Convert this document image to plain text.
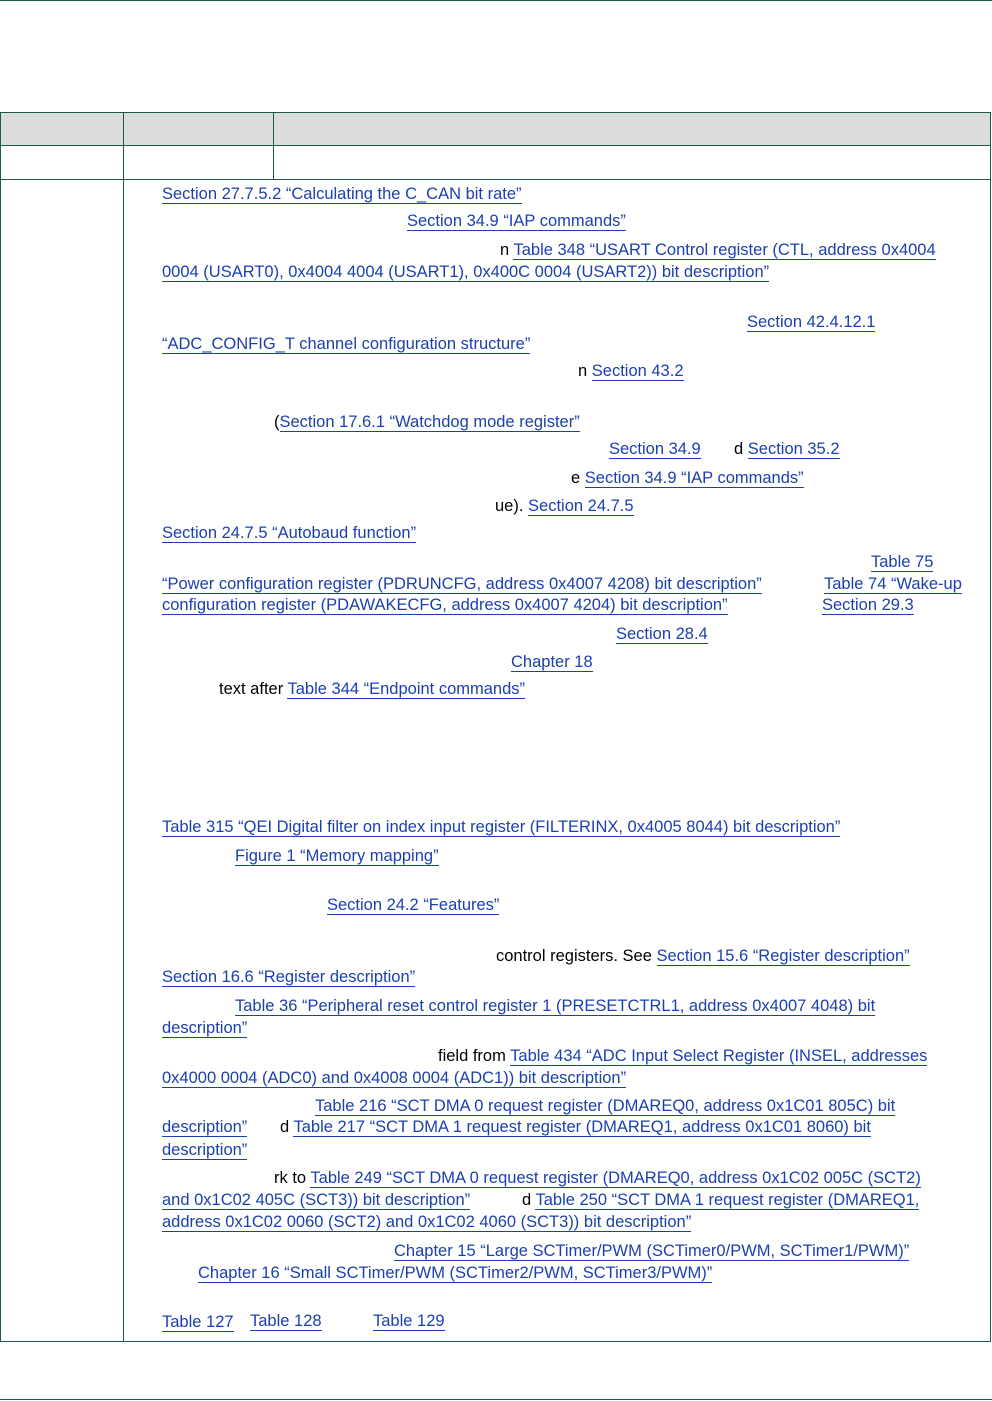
Section 27.7.5.2 “Calculating the C_CAN bit rate”
Section 34.9 “IAP commands”
n Table 348 “USART Control register (CTL, address 0x4004
0004 (USART0), 0x4004 4004 (USART1), 0x400C 0004 (USART2)) bit description”
Section 42.4.12.1
“ADC_CONFIG_T channel configuration structure”
n Section 43.2
(Section 17.6.1 “Watchdog mode register”
Section 34.9 d Section 35.2
e Section 34.9 “IAP commands”
ue). Section 24.7.5
Section 24.7.5 “Autobaud function”
Table 75
“Power configuration register (PDRUNCFG, address 0x4007 4208) bit description”	Table 74 “Wake-up
configuration register (PDAWAKECFG, address 0x4007 4204) bit description”	Section 29.3
Section 28.4
Chapter 18
text after Table 344 “Endpoint commands”
Table 315 “QEI Digital filter on index input register (FILTERINX, 0x4005 8044) bit description”
Figure 1 “Memory mapping”
Section 24.2 “Features”
control registers. See Section 15.6 “Register description”
Section 16.6 “Register description”
Table 36 “Peripheral reset control register 1 (PRESETCTRL1, address 0x4007 4048) bit
description”
field from Table 434 “ADC Input Select Register (INSEL, addresses
0x4000 0004 (ADC0) and 0x4008 0004 (ADC1)) bit description”
Table 216 “SCT DMA 0 request register (DMAREQ0, address 0x1C01 805C) bit
description” d Table 217 “SCT DMA 1 request register (DMAREQ1, address 0x1C01 8060) bit
description”
rk to Table 249 “SCT DMA 0 request register (DMAREQ0, address 0x1C02 005C (SCT2)
and 0x1C02 405C (SCT3)) bit description”	d Table 250 “SCT DMA 1 request register (DMAREQ1,
address 0x1C02 0060 (SCT2) and 0x1C02 4060 (SCT3)) bit description”
Chapter 15 “Large SCTimer/PWM (SCTimer0/PWM, SCTimer1/PWM)”
Chapter 16 “Small SCTimer/PWM (SCTimer2/PWM, SCTimer3/PWM)”
Table 127 Table 128	Table 129
